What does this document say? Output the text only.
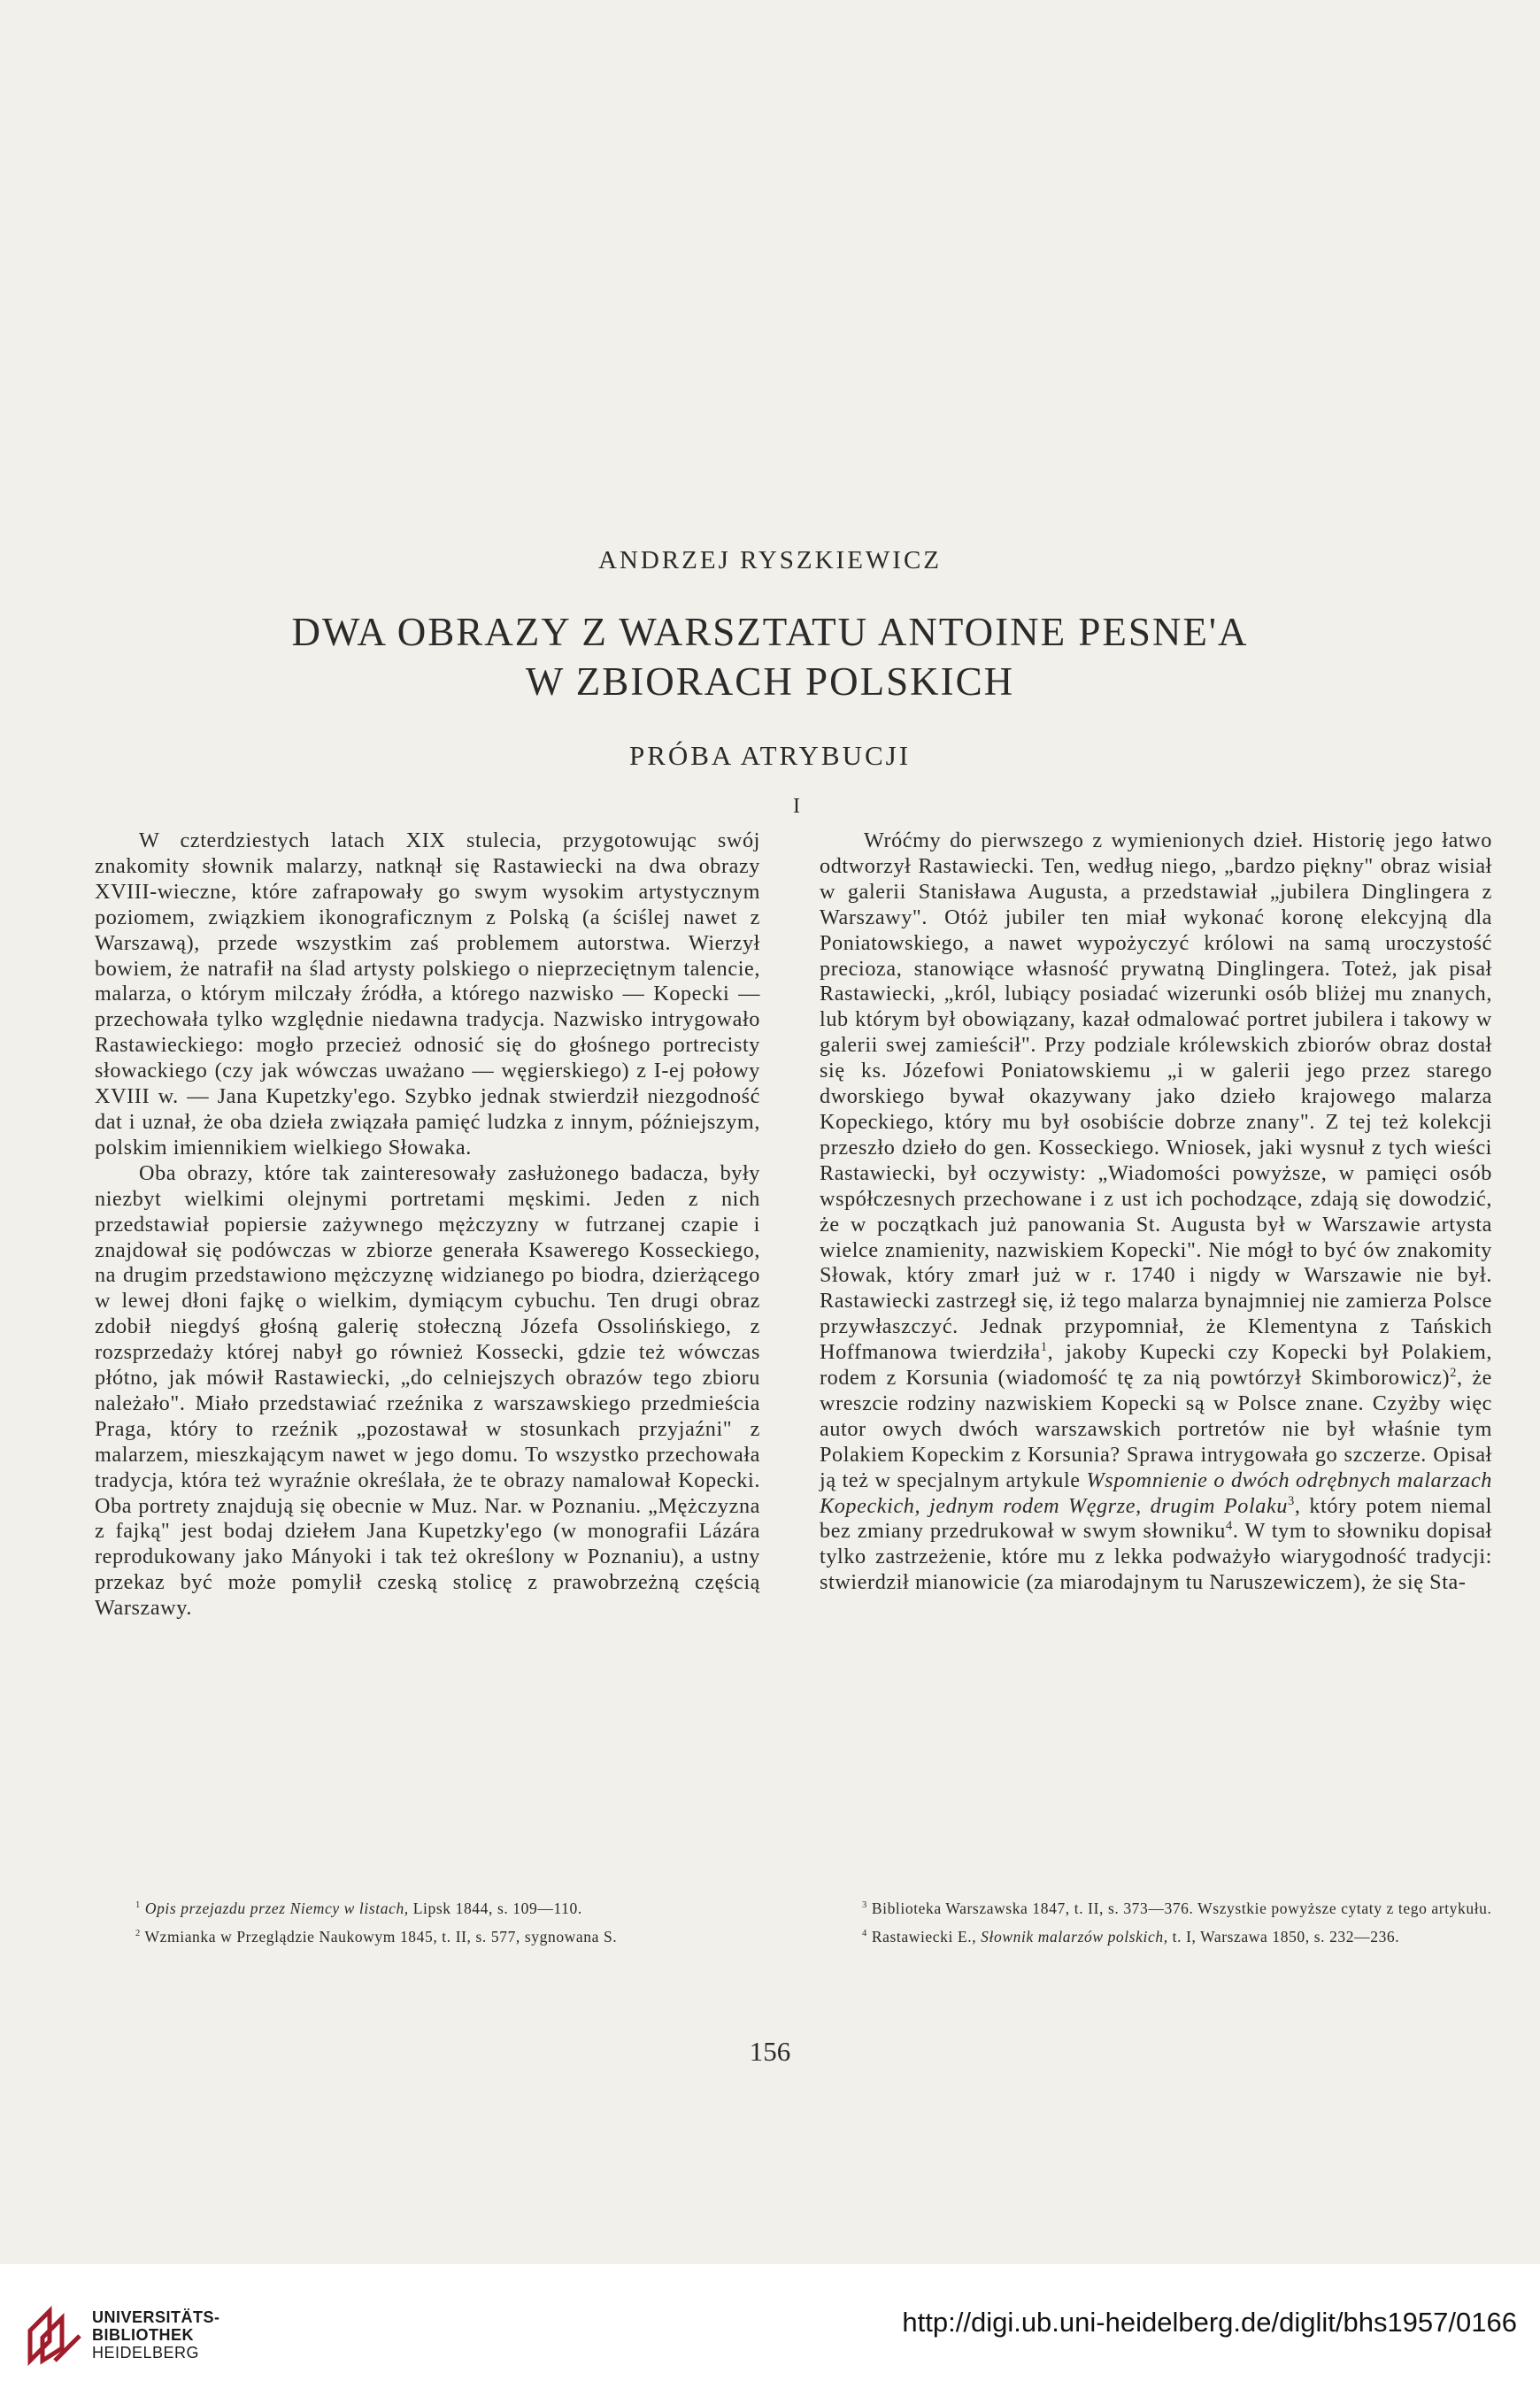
ANDRZEJ RYSZKIEWICZ
DWA OBRAZY Z WARSZTATU ANTOINE PESNE'A
W ZBIORACH POLSKICH
PRÓBA ATRYBUCJI
I

W czterdziestych latach XIX stulecia, przygotowując swój znakomity słownik malarzy, natknął się Rastawiecki na dwa obrazy XVIII-wieczne, które zafrapowały go swym wysokim artystycznym poziomem, związkiem ikonograficznym z Polską (a ściślej nawet z Warszawą), przede wszystkim zaś problemem autorstwa. Wierzył bowiem, że natrafił na ślad artysty polskiego o nieprzeciętnym talencie, malarza, o którym milczały źródła, a którego nazwisko — Kopecki — przechowała tylko względnie niedawna tradycja. Nazwisko intrygowało Rastawieckiego: mogło przecież odnosić się do głośnego portrecisty słowackiego (czy jak wówczas uważano — węgierskiego) z I-ej połowy XVIII w. — Jana Kupetzky'ego. Szybko jednak stwierdził niezgodność dat i uznał, że oba dzieła związała pamięć ludzka z innym, późniejszym, polskim imiennikiem wielkiego Słowaka.

Oba obrazy, które tak zainteresowały zasłużonego badacza, były niezbyt wielkimi olejnymi portretami męskimi. Jeden z nich przedstawiał popiersie zażywnego mężczyzny w futrzanej czapie i znajdował się podówczas w zbiorze generała Ksawerego Kosseckiego, na drugim przedstawiono mężczyznę widzianego po biodra, dzierżącego w lewej dłoni fajkę o wielkim, dymiącym cybuchu. Ten drugi obraz zdobił niegdyś głośną galerię stołeczną Józefa Ossolińskiego, z rozsprzedaży której nabył go również Kossecki, gdzie też wówczas płótno, jak mówił Rastawiecki, „do celniejszych obrazów tego zbioru należało". Miało przedstawiać rzeźnika z warszawskiego przedmieścia Praga, który to rzeźnik „pozostawał w stosunkach przyjaźni" z malarzem, mieszkającym nawet w jego domu. To wszystko przechowała tradycja, która też wyraźnie określała, że te obrazy namalował Kopecki. Oba portrety znajdują się obecnie w Muz. Nar. w Poznaniu. „Mężczyzna z fajką" jest bodaj dziełem Jana Kupetzky'ego (w monografii Lázára reprodukowany jako Mányoki i tak też określony w Poznaniu), a ustny przekaz być może pomylił czeską stolicę z prawobrzeżną częścią Warszawy.

Wróćmy do pierwszego z wymienionych dzieł. Historię jego łatwo odtworzył Rastawiecki. Ten, według niego, „bardzo piękny" obraz wisiał w galerii Stanisława Augusta, a przedstawiał „jubilera Dinglingera z Warszawy". Otóż jubiler ten miał wykonać koronę elekcyjną dla Poniatowskiego, a nawet wypożyczyć królowi na samą uroczystość precioza, stanowiące własność prywatną Dinglingera. Toteż, jak pisał Rastawiecki, „król, lubiący posiadać wizerunki osób bliżej mu znanych, lub którym był obowiązany, kazał odmalować portret jubilera i takowy w galerii swej zamieścił". Przy podziale królewskich zbiorów obraz dostał się ks. Józefowi Poniatowskiemu „i w galerii jego przez starego dworskiego bywał okazywany jako dzieło krajowego malarza Kopeckiego, który mu był osobiście dobrze znany". Z tej też kolekcji przeszło dzieło do gen. Kosseckiego. Wniosek, jaki wysnuł z tych wieści Rastawiecki, był oczywisty: „Wiadomości powyższe, w pamięci osób współczesnych przechowane i z ust ich pochodzące, zdają się dowodzić, że w początkach już panowania St. Augusta był w Warszawie artysta wielce znamienity, nazwiskiem Kopecki". Nie mógł to być ów znakomity Słowak, który zmarł już w r. 1740 i nigdy w Warszawie nie był. Rastawiecki zastrzegł się, iż tego malarza bynajmniej nie zamierza Polsce przywłaszczyć. Jednak przypomniał, że Klementyna z Tańskich Hoffmanowa twierdziła$^1$, jakoby Kupecki czy Kopecki był Polakiem, rodem z Korsunia (wiadomość tę za nią powtórzył Skimborowicz)$^2$, że wreszcie rodziny nazwiskiem Kopecki są w Polsce znane. Czyżby więc autor owych dwóch warszawskich portretów nie był właśnie tym Polakiem Kopeckim z Korsunia? Sprawa intrygowała go szczerze. Opisał ją też w specjalnym artykule Wspomnienie o dwóch odrębnych malarzach Kopeckich, jednym rodem Węgrze, drugim Polaku$^3$, który potem niemal bez zmiany przedrukował w swym słowniku$^4$. W tym to słowniku dopisał tylko zastrzeżenie, które mu z lekka podważyło wiarygodność tradycji: stwierdził mianowicie (za miarodajnym tu Naruszewiczem), że się Sta-

$^1$ Opis przejazdu przez Niemcy w listach, Lipsk 1844, s. 109—110.

$^2$ Wzmianka w Przeglądzie Naukowym 1845, t. II, s. 577, sygnowana S.

$^3$ Biblioteka Warszawska 1847, t. II, s. 373—376. Wszystkie powyższe cytaty z tego artykułu.

$^4$ Rastawiecki E., Słownik malarzów polskich, t. I, Warszawa 1850, s. 232—236.

156
UNIVERSITÄTS-
BIBLIOTHEK
HEIDELBERG
http://digi.ub.uni-heidelberg.de/diglit/bhs1957/0166
